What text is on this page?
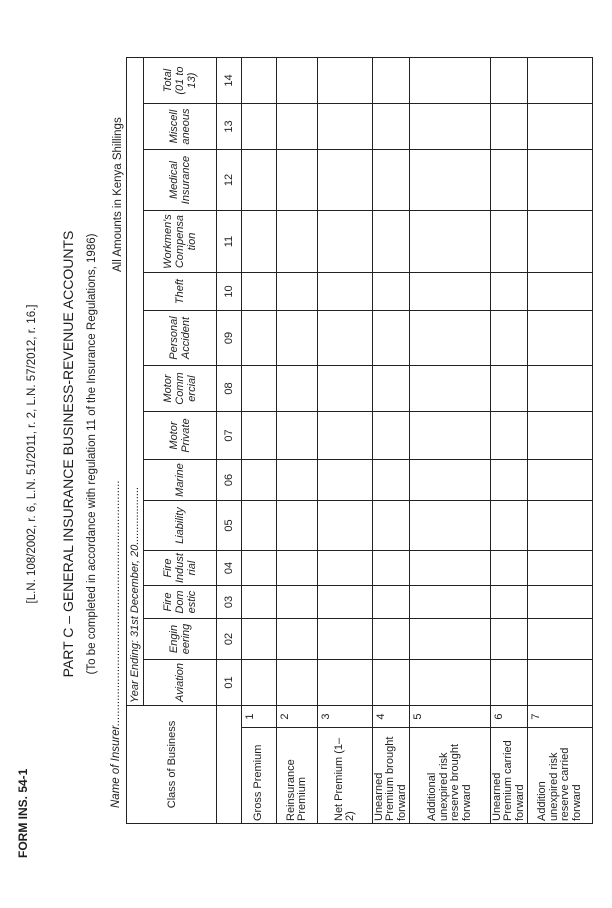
FORM INS. 54-1
[L.N. 108/2002, r. 6, L.N. 51/2011, r. 2, L.N. 57/2012, r. 16.] PART C – GENERAL INSURANCE BUSINESS-REVENUE ACCOUNTS (To be completed in accordance with regulation 11 of the Insurance Regulations, 1986) Name of Insurer.............................................................................
All Amounts in Kenya Shillings
Class of Business		Year Ending: 31st December, 20...................													
		Aviation	Engin eering	Fire Dom estic	Fire Indust rial	Liability	Marine	Motor Private	Motor Comm ercial	Personal Accident	Theft	Workmen's Compensa tion	Medical Insurance	Miscell aneous	Total (01 to 13)
		01	02	03	04	05	06	07	08	09	10	11	12	13	14
Gross Premium	1														
Reinsurance Premium	2														
Net Premium (1–2)	3														
Unearned Premium brought forward	4														
Additional unexpired risk reserve brought forward	5														
Unearned Premium carried forward	6														
Addition unexpired risk reserve carried forward	7														
